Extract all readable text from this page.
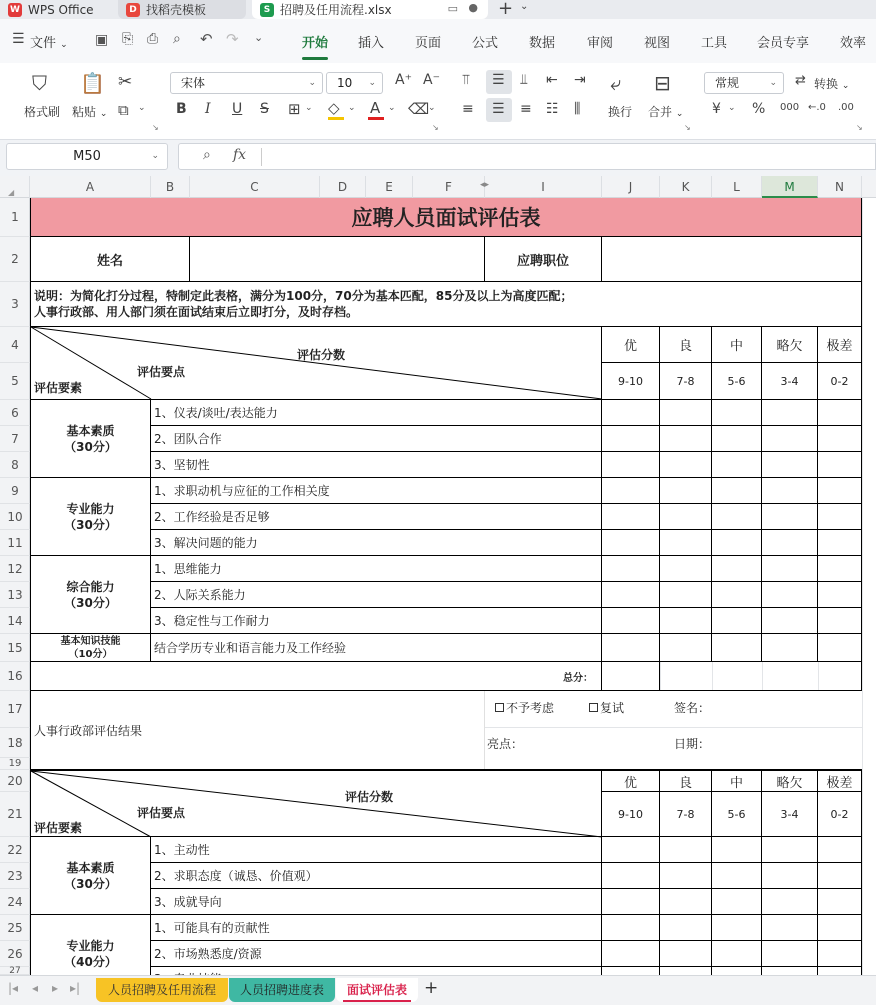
W WPS Office	D 找稻壳模板	S 招聘及任用流程.xlsx	▭ ● + ⌄
☰ 文件 ⌄ ▣ ⎘ ⎙ ⌕ ↶ ↷ ⌄	开始 插入 页面 公式 数据 审阅 视图 工具 会员专享 效率
⛉
格式刷
📋
粘贴 ⌄
✂
⧉ ⌄
↘
宋体	⌄	10 ⌄ A⁺ A⁻
B I U S ⊞ ⌄ ◇ ⌄ A ⌄ ⌫
⌄
↘
⫪ ☰ ⫫ ⇤ ⇥
≡ ☰ ≡ ☷ ⫼
⤶
换行
⊟
合并 ⌄
↘
常规	⌄ ⇄ 转换 ⌄
¥ ⌄ % 000 ←.0 .00
↘
M50	⌄	⌕ fx
◢	A	B	C	D	E	F	◂▸	I	J	K	L	M	N
1
2
3
4
5
6
7
8
9
10
11
12
13
14
15
16
17
18
19
20
21
22
23
24
25
26
27
应聘人员面试评估表
姓名	应聘职位
说明：为简化打分过程，特制定此表格，满分为100分，70分为基本匹配，85分及以上为高度匹配；
人事行政部、用人部门须在面试结束后立即打分，及时存档。
评估分数
评估要点
评估要素
优	良	中	略欠	极差
9-10	7-8	5-6	3-4	0-2
基本素质
（30分）
专业能力
（30分）
综合能力
（30分）
1、仪表/谈吐/表达能力
2、团队合作
3、坚韧性
1、求职动机与应征的工作相关度
2、工作经验是否足够
3、解决问题的能力
1、思维能力
2、人际关系能力
3、稳定性与工作耐力
基本知识技能
（10分）	结合学历专业和语言能力及工作经验
总分：
人事行政部评估结果
不予考虑	复试	签名：
亮点：	日期：
评估分数
评估要点
评估要素
优	良	中	略欠	极差
9-10	7-8	5-6	3-4	0-2
基本素质
（30分）
专业能力
（40分）
1、主动性
2、求职态度（诚恳、价值观）
3、成就导向
1、可能具有的贡献性
2、市场熟悉度/资源
|◂ ◂ ▸ ▸|	人员招聘及任用流程	人员招聘进度表	面试评估表	+
